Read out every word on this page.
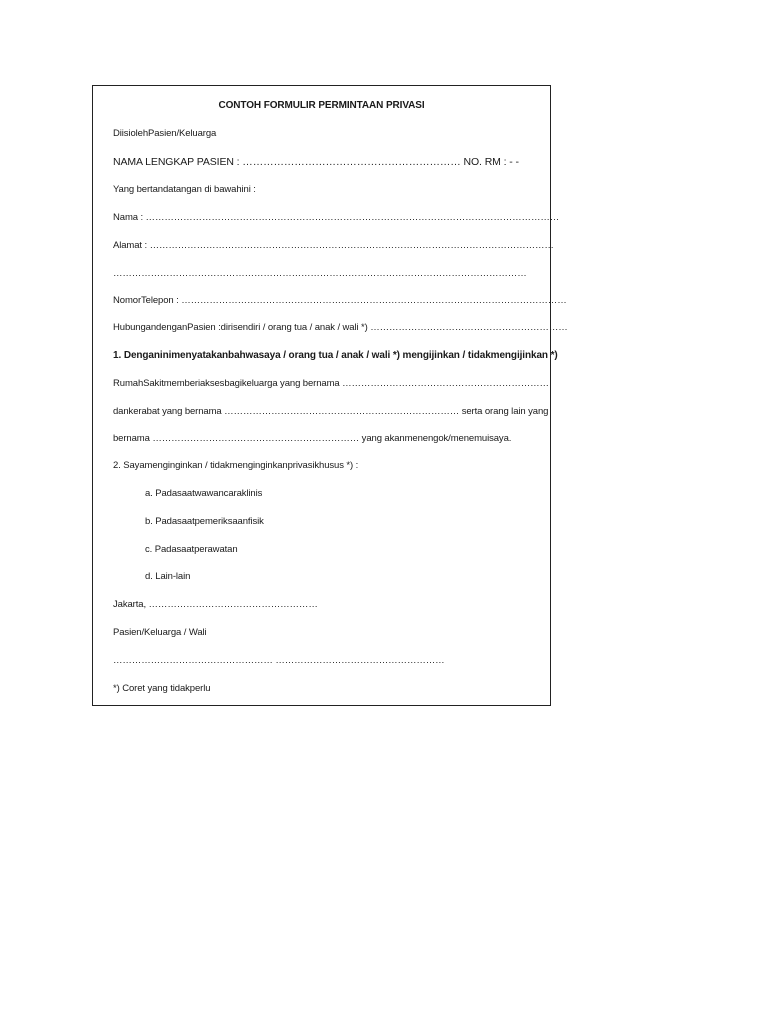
CONTOH FORMULIR PERMINTAAN PRIVASI
DiisiolehPasien/Keluarga
NAMA LENGKAP PASIEN : ……………………………………………………… NO. RM : - -
Yang bertandatangan di bawahini :
Nama : ……………………………………………………………………………………………………………………
Alamat : …………………………………………………………………………………………………………………
……………………………………………………………………………………………………………………
NomorTelepon : ……………………………………………………………………………………………………………
HubungandenganPasien :dirisendiri / orang tua / anak / wali *) ………………………………………………………
1. Denganinimenyatakanbahwasaya / orang tua / anak / wali *) mengijinkan / tidakmengijinkan *)
RumahSakitmemberiaksesbagikeluarga yang bernama …………………………………………………………
dankerabat yang bernama ………………………………………………………………… serta orang lain yang
bernama ………………………………………………………… yang akanmenengok/menemuisaya.
2. Sayamenginginkan / tidakmenginginkanprivasikhusus *) :
a. Padasaatwawancaraklinis
b. Padasaatpemeriksaanfisik
c. Padasaatperawatan
d. Lain-lain
Jakarta, ………………………………………………
Pasien/Keluarga / Wali
…………………………………………… ………………………………………………
*) Coret yang tidakperlu
